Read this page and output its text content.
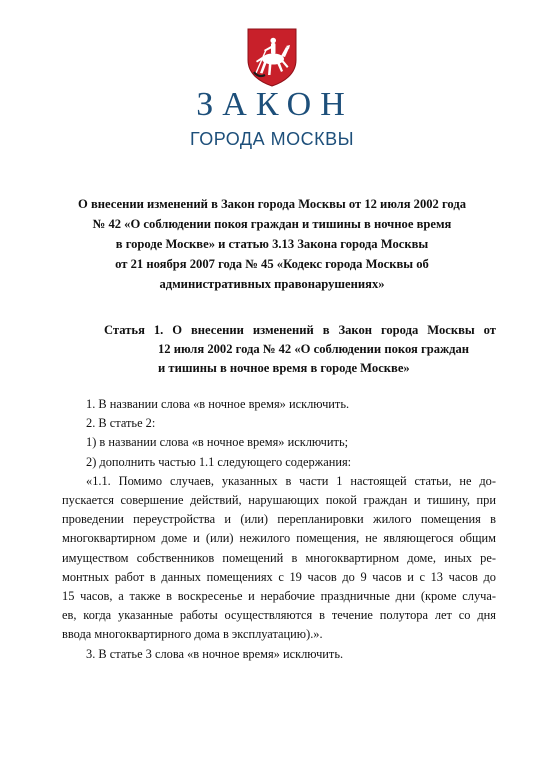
ЗАКОН
ГОРОДА МОСКВЫ
О внесении изменений в Закон города Москвы от 12 июля 2002 года
№ 42 «О соблюдении покоя граждан и тишины в ночное время
в городе Москве» и статью 3.13 Закона города Москвы
от 21 ноября 2007 года № 45 «Кодекс города Москвы об
административных правонарушениях»
Статья 1. О внесении изменений в Закон города Москвы от
12 июля 2002 года № 42 «О соблюдении покоя граждан
и тишины в ночное время в городе Москве»
1. В названии слова «в ночное время» исключить.
2. В статье 2:
1) в названии слова «в ночное время» исключить;
2) дополнить частью 1.1 следующего содержания:
«1.1. Помимо случаев, указанных в части 1 настоящей статьи, не до-
пускается совершение действий, нарушающих покой граждан и тишину, при
проведении переустройства и (или) перепланировки жилого помещения в
многоквартирном доме и (или) нежилого помещения, не являющегося общим
имуществом собственников помещений в многоквартирном доме, иных ре-
монтных работ в данных помещениях с 19 часов до 9 часов и с 13 часов до
15 часов, а также в воскресенье и нерабочие праздничные дни (кроме случа-
ев, когда указанные работы осуществляются в течение полутора лет со дня
ввода многоквартирного дома в эксплуатацию).».
3. В статье 3 слова «в ночное время» исключить.
